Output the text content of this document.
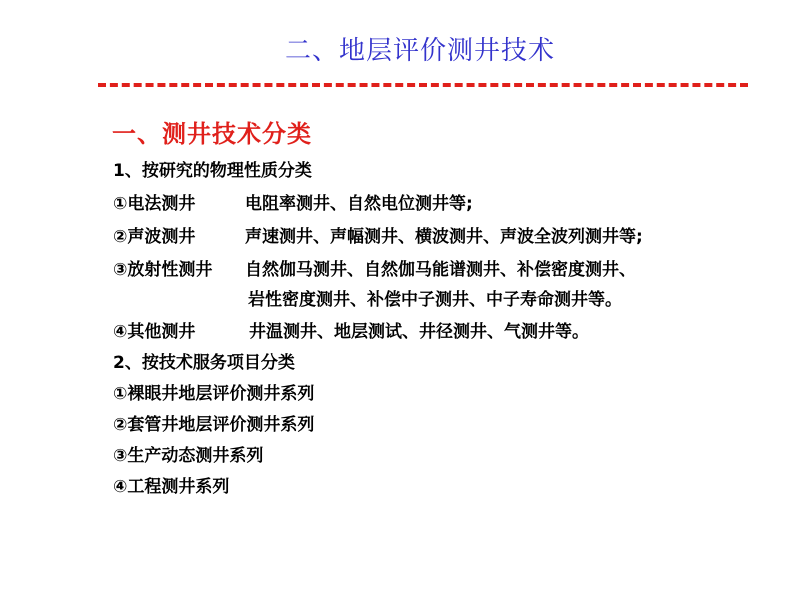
二、地层评价测井技术
一、测井技术分类
1、按研究的物理性质分类
①电法测井	电阻率测井、自然电位测井等;
②声波测井	声速测井、声幅测井、横波测井、声波全波列测井等;
③放射性测井 自然伽马测井、自然伽马能谱测井、补偿密度测井、
岩性密度测井、补偿中子测井、中子寿命测井等。
④其他测井	井温测井、地层测试、井径测井、气测井等。
2、按技术服务项目分类
①裸眼井地层评价测井系列
②套管井地层评价测井系列
③生产动态测井系列
④工程测井系列
